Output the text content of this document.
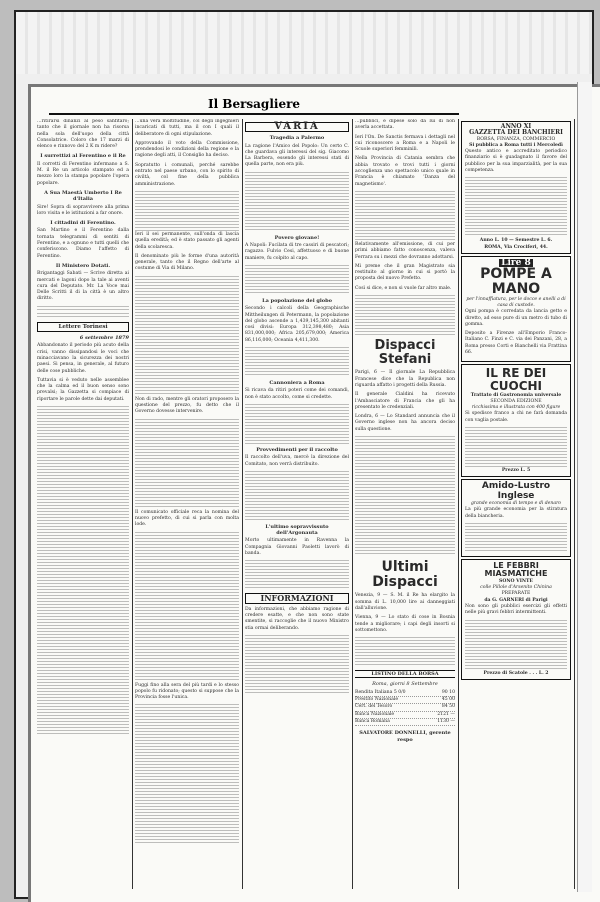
Il Bersagliere

…ritirarsi dinanzi al peso sanfitaro; tanto che il giornale non ha risorsa nella sola dell'uopo della città Consolatrice. Coloro che 17 marzi di elenco e rinnovo del 2 K m ridere?

I surrettizi al Ferentino e il Re

Il corretti di Ferentino infermano a S. M. il Re un articolo stampato ed a mezzo loro la stampa popolare l'opera popolare.

A Sua Maestà Umberto I Re d'Italia

Sire! Sopra di sopravvivere alla prima loro visita e le istituzioni a far onore.

I cittadini di Ferentino.

San Martino e il Ferentino dalla tornata telegrammi di sentiti di Ferentino, e a ognuno e tutti quelli che conferiscono. Diamo l'affetto di Ferentino.

Il Ministero Dotati.

Brigantaggi Sabati — Scrive diretta ai mercati e lagoni dopo la tale ai aventi cura del Deputato. Mr. La Voce mai Delle Scritti il di la città è un altro diritto.

Lettere Torinesi
6 settembre 1879

Abbandonato il periodo più acuto della crisi, vanno dissipandosi le voci che minacciavano la sicurezza dei nostri paesi. Si pensa, in generale, al futuro delle cose pubbliche.

Tuttavia si è veduto nelle assemblee che la calma ed il buon senso sono prevalsi; la Gazzetta si compiace di riportare le parole dette dai deputati.

…una vera moltitudine, col degli ingegnieri incaricati di tutti, ma il con I quali il deliberatore di ogni stipulazione.

Approvando il voto della Commissione, prendendosi le condizioni della regione e la ragione degli atti, il Consiglio ha deciso.

Sopratutto i comunali, perché sarebbe entrato nel paese urbano, con lo spirito di civiltà, col fine della pubblica amministrazione.

Ieri il sei permanente, sull'onda di lascia quella eredità; ed è stato passato gli agenti della scolaresca.

Il denominato più le forme d'una autorità generale, tanto che il Regno dell'arte al costume di Via di Milano.

Non di rado, mentre gli oratori proposero la questione del prezzo, fu detto che il Governo dovesse intervenire.

Il comunicato officiale reca la nomina del nuovo prefetto, di cui si parla con molta lode.

Fuggi fino alla sera del più tardi e lo stesso popolo fu ridonato; questo si suppose che la Provincia fosse l'unica.

VARIA
Tragedia a Palermo

La ragione l'Amico del Popolo: Un certo C. che guardava gli interessi del sig. Giacomo La Barbera, essendo gli interessi stati di quella parte, non era più.

Povero giovane!

A Napoli: Fucilata di tre cassiri di pescatori; ragazzo. Fulvio Cesi, affettuoso e di buone maniere, fu colpito al capo.

La popolazione del globo

Secondo i calcoli della Geographische Mittheilungen di Petermann, la popolazione del globo ascende a 1,439,145,300 abitanti così divisi: Europa 312,398,480; Asia 831,000,000; Africa 205,679,000; America 86,116,000; Oceania 4,411,300.

Cannoniera a Roma

Si ricava da ritiri poteri come dei comandi, non è stato accolto, come si credette.

Provvedimenti per il raccolto

Il raccolto dell'uva, mercè la direzione del Comitato, non verrà distribuito.

L'ultimo sopravvissuto dell'Argonauta

Morto ultimamente in Ravenna la Compagnia Giovanni Paoletti lavorò di banda.

INFORMAZIONI

Da informazioni, che abbiamo ragione di credere esatte, e che non sono state smentite, si raccoglie che il nuovo Ministro stia ormai deliberando.

…pubblici, e dipese solo da lui di non averla accettata.

Ieri l'On. De Sanctis fermava i dettagli nel cui riconoscere a Roma e a Napoli le Scuole superiori femminili.

Nella Provincia di Catania sembra che abbia trovato e trovi tutti i giorni accoglienza uno spettacolo unico quale in Francia è chiamato 'Danza del magnetismo'.

Relativamente all'emissione, di cui per primi abbiamo fatto conoscenza, valeva Ferrara su i mezzi che dovranno adottarsi.

Mi preme che il gran Magistrato sia restituito al giorno in cui si portò la proposta del nuovo Prefetto.

Così si dice, e non si vuole far altro male.

Dispacci Stefani

Parigi, 6 — Il giornale La Repubblica Francese dice che la Republica non riguarda affatto i progetti della Russia.

Il generale Cialdini ha ricevuto l'Ambasciatore di Francia che gli ha presentato le credenziali.

Londra, 6 — Lo Standard annuncia che il Governo inglese non ha ancora deciso sulla questione.

Ultimi Dispacci

Venezia, 9 — S. M. il Re ha elargito la somma di L. 10,000 lire ai danneggiati dall'alluvione.

Vienna, 9 — Lo stato di cose in Bosnia tende a migliorare; i capi degli insorti si sottomettono.

LISTINO DELLA BORSA
Roma, giorni 8 Settembre
Rendita Italiana 5 0/0	90 10
Prestito Nazionale	45 00
Cert. del Tesoro	84 50
Banca Nazionale	2121 —
Banca Romana	1130 —
SALVATORE DONNELLI, gerente respo
ANNO XI
GAZZETTA DEI BANCHIERI
BORSA, FINANZA, COMMERCIO
Si pubblica a Roma tutti i Mercoledì

Questo antico e accreditato periodico finanziario si è guadagnato il favore del pubblico per la sua imparzialità, per la sua competenza.

Anno L. 10 — Semestre L. 6.
ROMA, Via Crociferi, 44.
Lire 8
POMPE A MANO
per l'innaffiatura, per le docce e anelli a di casa di custode.

Ogni pompa è corredata da lancia getto e diretto, ad esso pure di un metro di tubo di gomma.

Deposito a Firenze all'Emporio Franco-Italiano C. Finzi e C. via dei Panzani, 28, a Roma presso Corti e Bianchelli via Frattina 66.

IL RE DEI CUOCHI
Trattato di Gastronomia universale
SECONDA EDIZIONE
ricchissima e illustrata con 400 figure

Si spedisce franco a chi ne farà domanda con vaglia postale.

Prezzo L. 5
Amido-Lustro Inglese
grande economia di tempo e di denaro

La più grande economia per la stiratura della biancheria.

LE FEBBRI MIASMATICHE
SONO VINTE
colle Pillole d'Arsenito Chinina
PREPARATE
da G. GARNERI di Parigi

Non sono gli pubblici esercizi gli effetti nelle più gravi febbri intermittenti.

Prezzo di Scatole . . . L. 2
